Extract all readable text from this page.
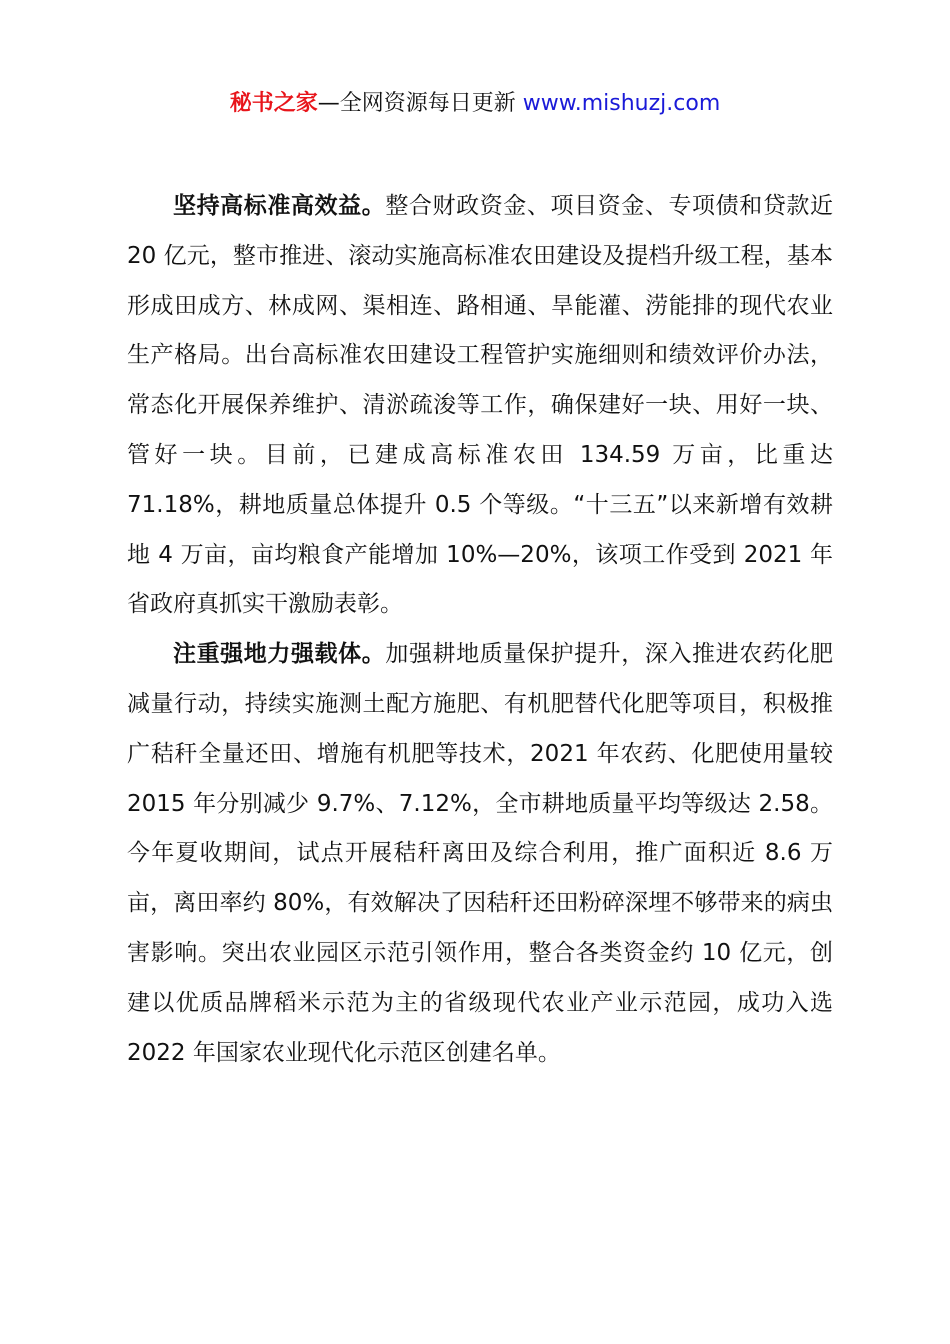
秘书之家—全网资源每日更新 www.mishuzj.com

坚持高标准高效益。整合财政资金、项目资金、专项债和贷款近 20 亿元，整市推进、滚动实施高标准农田建设及提档升级工程，基本形成田成方、林成网、渠相连、路相通、旱能灌、涝能排的现代农业生产格局。出台高标准农田建设工程管护实施细则和绩效评价办法，常态化开展保养维护、清淤疏浚等工作，确保建好一块、用好一块、管好一块。目前，已建成高标准农田 134.59 万亩，比重达 71.18%，耕地质量总体提升 0.5 个等级。“十三五”以来新增有效耕地 4 万亩，亩均粮食产能增加 10%—20%，该项工作受到 2021 年省政府真抓实干激励表彰。

注重强地力强载体。加强耕地质量保护提升，深入推进农药化肥减量行动，持续实施测土配方施肥、有机肥替代化肥等项目，积极推广秸秆全量还田、增施有机肥等技术，2021 年农药、化肥使用量较 2015 年分别减少 9.7%、7.12%，全市耕地质量平均等级达 2.58。今年夏收期间，试点开展秸秆离田及综合利用，推广面积近 8.6 万亩，离田率约 80%，有效解决了因秸秆还田粉碎深埋不够带来的病虫害影响。突出农业园区示范引领作用，整合各类资金约 10 亿元，创建以优质品牌稻米示范为主的省级现代农业产业示范园，成功入选 2022 年国家农业现代化示范区创建名单。
